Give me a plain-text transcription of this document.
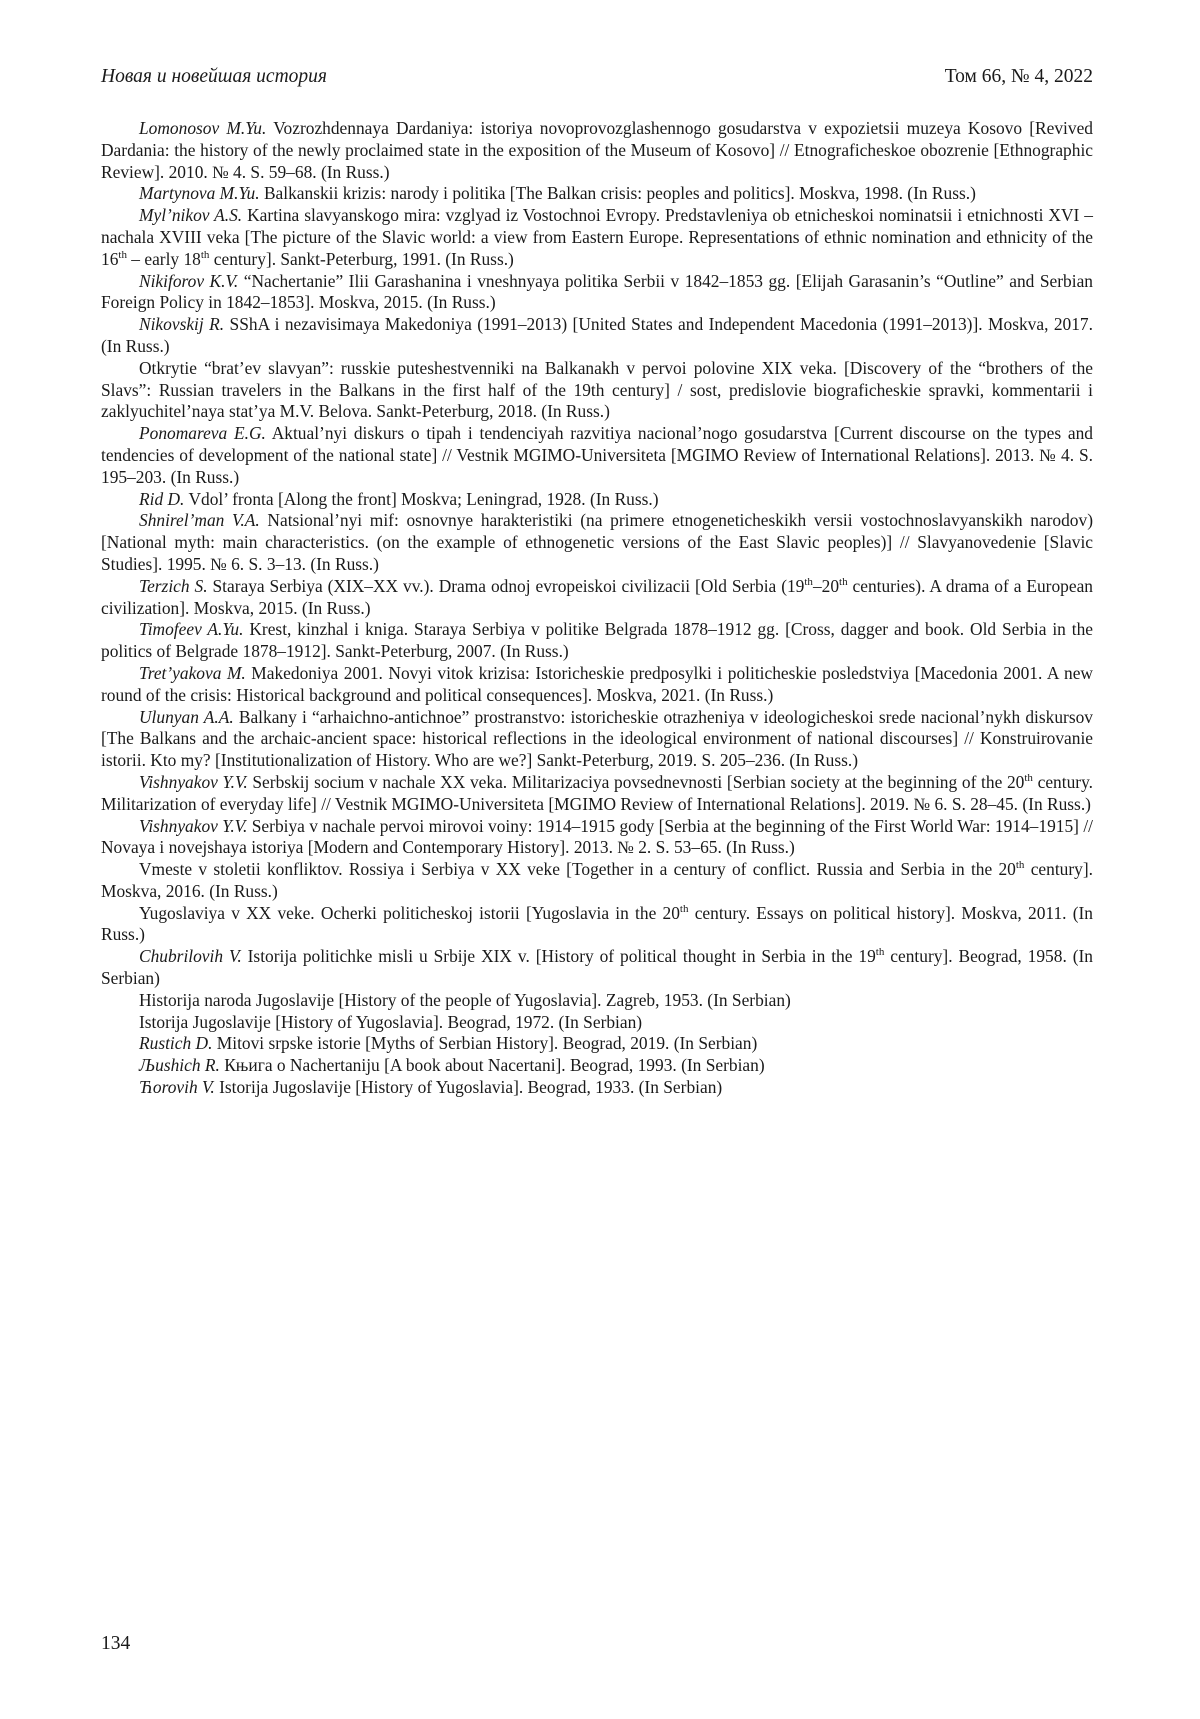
Новая и новейшая история	Том 66, № 4, 2022
Lomonosov M.Yu. Vozrozhdennaya Dardaniya: istoriya novoprovozglashennogo gosudarstva v expozietsii muzeya Kosovo [Revived Dardania: the history of the newly proclaimed state in the exposition of the Museum of Kosovo] // Etnograficheskoe obozrenie [Ethnographic Review]. 2010. № 4. S. 59–68. (In Russ.)
Martynova M.Yu. Balkanskii krizis: narody i politika [The Balkan crisis: peoples and politics]. Moskva, 1998. (In Russ.)
Myl’nikov A.S. Kartina slavyanskogo mira: vzglyad iz Vostochnoi Evropy. Predstavleniya ob etnicheskoi nominatsii i etnichnosti XVI – nachala XVIII veka [The picture of the Slavic world: a view from Eastern Europe. Representations of ethnic nomination and ethnicity of the 16th – early 18th century]. Sankt-Peterburg, 1991. (In Russ.)
Nikiforov K.V. “Nachertanie” Ilii Garashanina i vneshnyaya politika Serbii v 1842–1853 gg. [Elijah Garasanin’s “Outline” and Serbian Foreign Policy in 1842–1853]. Moskva, 2015. (In Russ.)
Nikovskij R. SShA i nezavisimaya Makedoniya (1991–2013) [United States and Independent Macedonia (1991–2013)]. Moskva, 2017. (In Russ.)
Otkrytie “brat’ev slavyan”: russkie puteshestvenniki na Balkanakh v pervoi polovine XIX veka. [Discovery of the “brothers of the Slavs”: Russian travelers in the Balkans in the first half of the 19th century] / sost, predislovie biograficheskie spravki, kommentarii i zaklyuchitel’naya stat’ya M.V. Belova. Sankt-Peterburg, 2018. (In Russ.)
Ponomareva E.G. Aktual’nyi diskurs o tipah i tendenciyah razvitiya nacional’nogo gosudarstva [Current discourse on the types and tendencies of development of the national state] // Vestnik MGIMO-Universiteta [MGIMO Review of International Relations]. 2013. № 4. S. 195–203. (In Russ.)
Rid D. Vdol’ fronta [Along the front] Moskva; Leningrad, 1928. (In Russ.)
Shnirel’man V.A. Natsional’nyi mif: osnovnye harakteristiki (na primere etnogeneticheskikh versii vostochnoslavyanskikh narodov) [National myth: main characteristics. (on the example of ethnogenetic versions of the East Slavic peoples)] // Slavyanovedenie [Slavic Studies]. 1995. № 6. S. 3–13. (In Russ.)
Terzich S. Staraya Serbiya (XIX–XX vv.). Drama odnoj evropeiskoi civilizacii [Old Serbia (19th–20th centuries). A drama of a European civilization]. Moskva, 2015. (In Russ.)
Timofeev A.Yu. Krest, kinzhal i kniga. Staraya Serbiya v politike Belgrada 1878–1912 gg. [Cross, dagger and book. Old Serbia in the politics of Belgrade 1878–1912]. Sankt-Peterburg, 2007. (In Russ.)
Tret’yakova M. Makedoniya 2001. Novyi vitok krizisa: Istoricheskie predposylki i politicheskie posledstviya [Macedonia 2001. A new round of the crisis: Historical background and political consequences]. Moskva, 2021. (In Russ.)
Ulunyan A.A. Balkany i “arhaichno-antichnoe” prostranstvo: istoricheskie otrazheniya v ideologicheskoi srede nacional’nykh diskursov [The Balkans and the archaic-ancient space: historical reflections in the ideological environment of national discourses] // Konstruirovanie istorii. Kto my? [Institutionalization of History. Who are we?] Sankt-Peterburg, 2019. S. 205–236. (In Russ.)
Vishnyakov Y.V. Serbskij socium v nachale XX veka. Militarizaciya povsednevnosti [Serbian society at the beginning of the 20th century. Militarization of everyday life] // Vestnik MGIMO-Universiteta [MGIMO Review of International Relations]. 2019. № 6. S. 28–45. (In Russ.)
Vishnyakov Y.V. Serbiya v nachale pervoi mirovoi voiny: 1914–1915 gody [Serbia at the beginning of the First World War: 1914–1915] // Novaya i novejshaya istoriya [Modern and Contemporary History]. 2013. № 2. S. 53–65. (In Russ.)
Vmeste v stoletii konfliktov. Rossiya i Serbiya v XX veke [Together in a century of conflict. Russia and Serbia in the 20th century]. Moskva, 2016. (In Russ.)
Yugoslaviya v XX veke. Ocherki politicheskoj istorii [Yugoslavia in the 20th century. Essays on political history]. Moskva, 2011. (In Russ.)
Chubrilovih V. Istorija politichke misli u Srbije XIX v. [History of political thought in Serbia in the 19th century]. Beograd, 1958. (In Serbian)
Historija naroda Jugoslavije [History of the people of Yugoslavia]. Zagreb, 1953. (In Serbian)
Istorija Jugoslavije [History of Yugoslavia]. Beograd, 1972. (In Serbian)
Rustich D. Mitovi srpske istorie [Myths of Serbian History]. Beograd, 2019. (In Serbian)
Љushich R. Књига о Nachertaniju [A book about Nacertani]. Beograd, 1993. (In Serbian)
Ћorovih V. Istorija Jugoslavije [History of Yugoslavia]. Beograd, 1933. (In Serbian)
134
